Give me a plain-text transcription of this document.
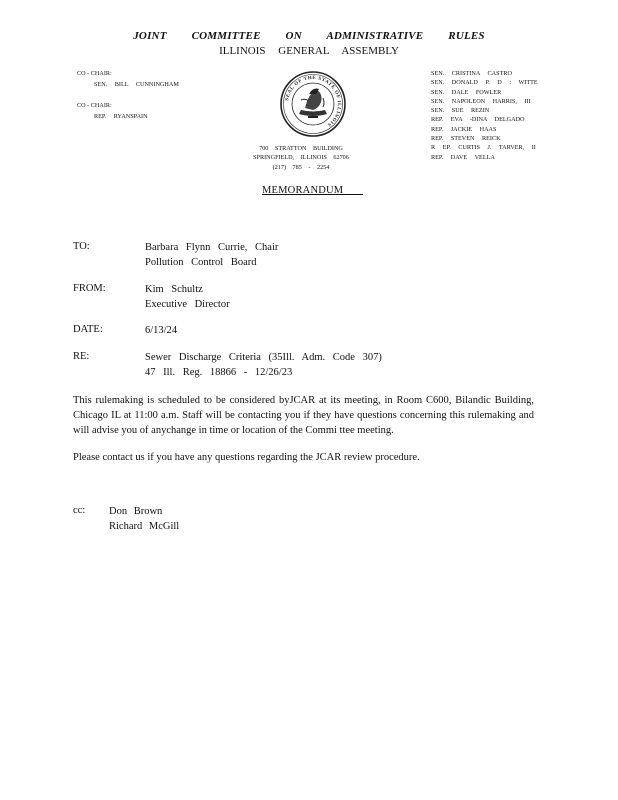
JOINT COMMITTEE ON ADMINISTRATIVE RULES
ILLINOIS GENERAL ASSEMBLY
CO - CHAIR:
SEN. BILL CUNNINGHAM
CO - CHAIR:
REP. RYANSPAIN
SEAL OF THE STATE OF ILLINOIS
SEN. CRISTINA CASTRO
SEN. DONALD P. D : WITTE
SEN. DALE FOWLER
SEN. NAPOLEON HARRIS, III
SEN. SUE REZIN
REP. EVA -DINA DELGADO
REP. JACKIE HAAS
REP. STEVEN REICK
R EP. CURTIS J. TARVER, II
REP. DAVE VELLA
700 STRATTON BUILDING
SPRINGFIELD, ILLINOIS 62706
(217) 785 - 2254
MEMORANDUM
TO:	Barbara Flynn Currie, Chair
Pollution Control Board
FROM:	Kim Schultz
Executive Director
DATE:	6/13/24
RE:	Sewer Discharge Criteria (35Ill. Adm. Code 307)
47 Ill. Reg. 18866 - 12/26/23
This rulemaking is scheduled to be considered byJCAR at its meeting, in Room C600, Bilandic Building, Chicago IL at 11:00 a.m. Staff will be contacting you if they have questions concerning this rulemaking and will advise you of anychange in time or location of the Commi ttee meeting.
Please contact us if you have any questions regarding the JCAR review procedure.
cc: Don Brown
Richard McGill
